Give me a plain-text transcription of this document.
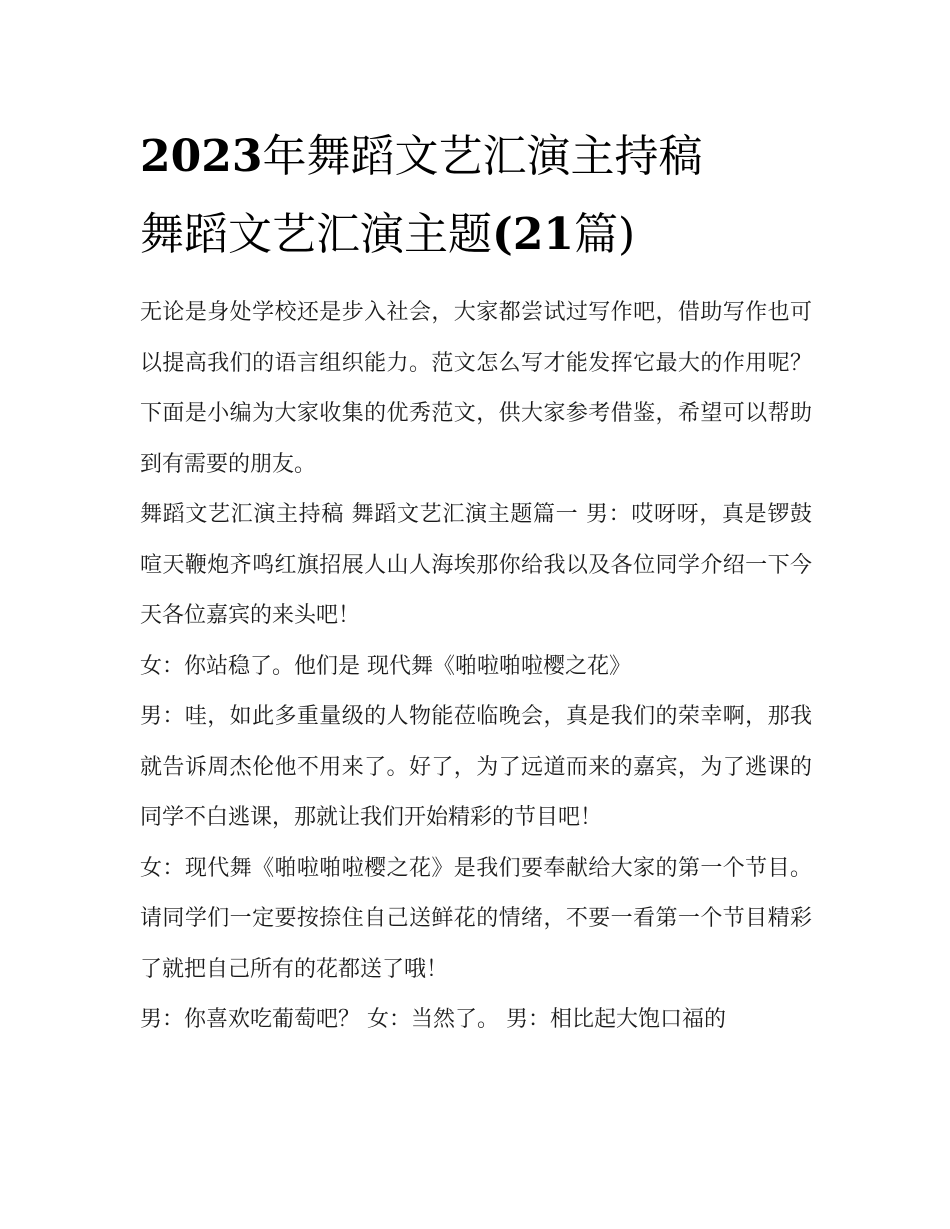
2023年舞蹈文艺汇演主持稿
舞蹈文艺汇演主题(21篇)

无论是身处学校还是步入社会，大家都尝试过写作吧，借助写作也可以提高我们的语言组织能力。范文怎么写才能发挥它最大的作用呢？下面是小编为大家收集的优秀范文，供大家参考借鉴，希望可以帮助到有需要的朋友。

舞蹈文艺汇演主持稿 舞蹈文艺汇演主题篇一 男：哎呀呀，真是锣鼓喧天鞭炮齐鸣红旗招展人山人海埃那你给我以及各位同学介绍一下今天各位嘉宾的来头吧！

女：你站稳了。他们是 现代舞《啪啦啪啦樱之花》

男：哇，如此多重量级的人物能莅临晚会，真是我们的荣幸啊，那我就告诉周杰伦他不用来了。好了，为了远道而来的嘉宾，为了逃课的同学不白逃课，那就让我们开始精彩的节目吧！

女：现代舞《啪啦啪啦樱之花》是我们要奉献给大家的第一个节目。请同学们一定要按捺住自己送鲜花的情绪，不要一看第一个节目精彩了就把自己所有的花都送了哦！

男：你喜欢吃葡萄吧？ 女：当然了。 男：相比起大饱口福的
